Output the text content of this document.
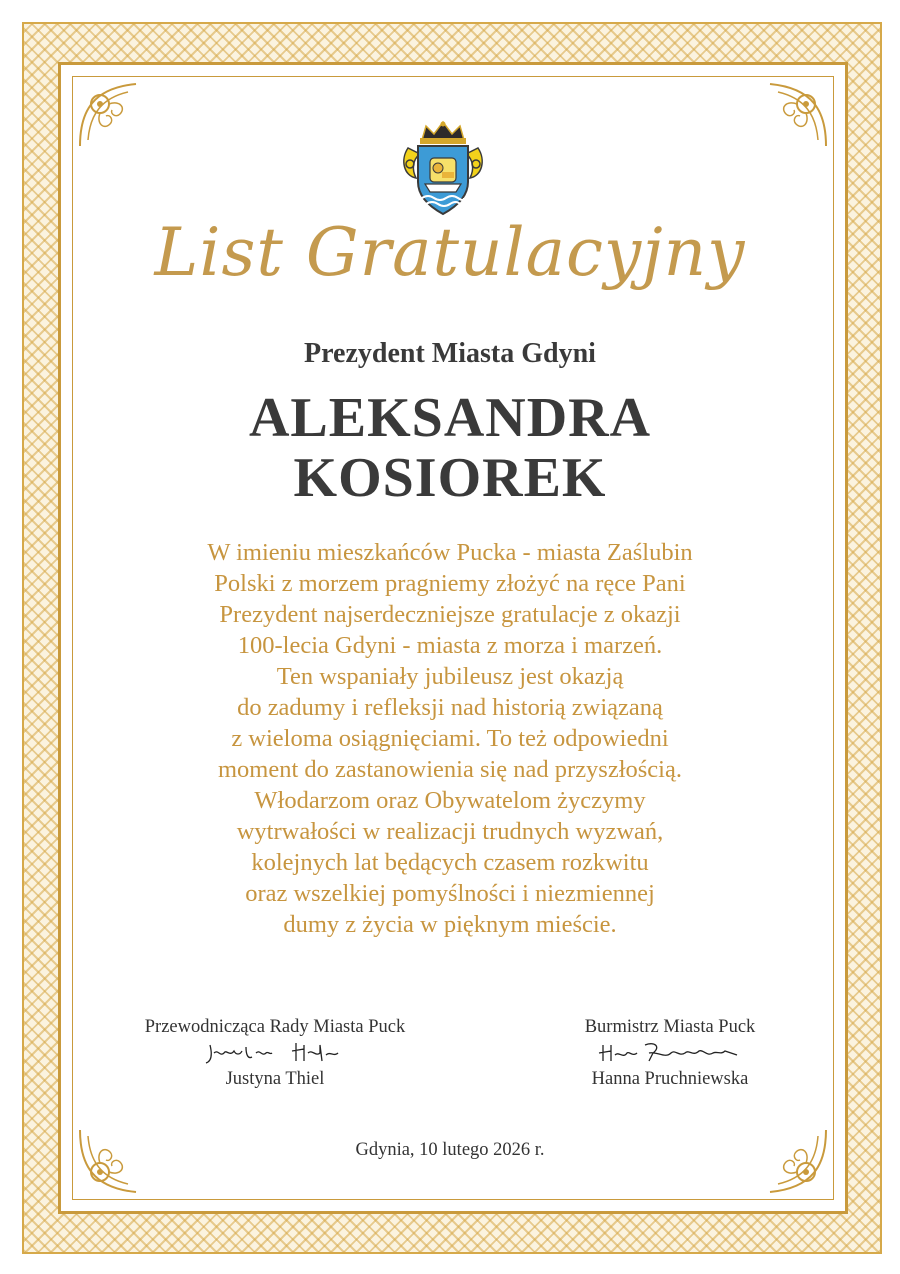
List Gratulacyjny
Prezydent Miasta Gdyni
ALEKSANDRA
KOSIOREK
W imieniu mieszkańców Pucka - miasta Zaślubin
Polski z morzem pragniemy złożyć na ręce Pani
Prezydent najserdeczniejsze gratulacje z okazji
100-lecia Gdyni - miasta z morza i marzeń.
Ten wspaniały jubileusz jest okazją
do zadumy i refleksji nad historią związaną
z wieloma osiągnięciami. To też odpowiedni
moment do zastanowienia się nad przyszłością.
Włodarzom oraz Obywatelom życzymy
wytrwałości w realizacji trudnych wyzwań,
kolejnych lat będących czasem rozkwitu
oraz wszelkiej pomyślności i niezmiennej
dumy z życia w pięknym mieście.
Przewodnicząca Rady Miasta Puck
Justyna Thiel
Burmistrz Miasta Puck
Hanna Pruchniewska
Gdynia, 10 lutego 2026 r.
